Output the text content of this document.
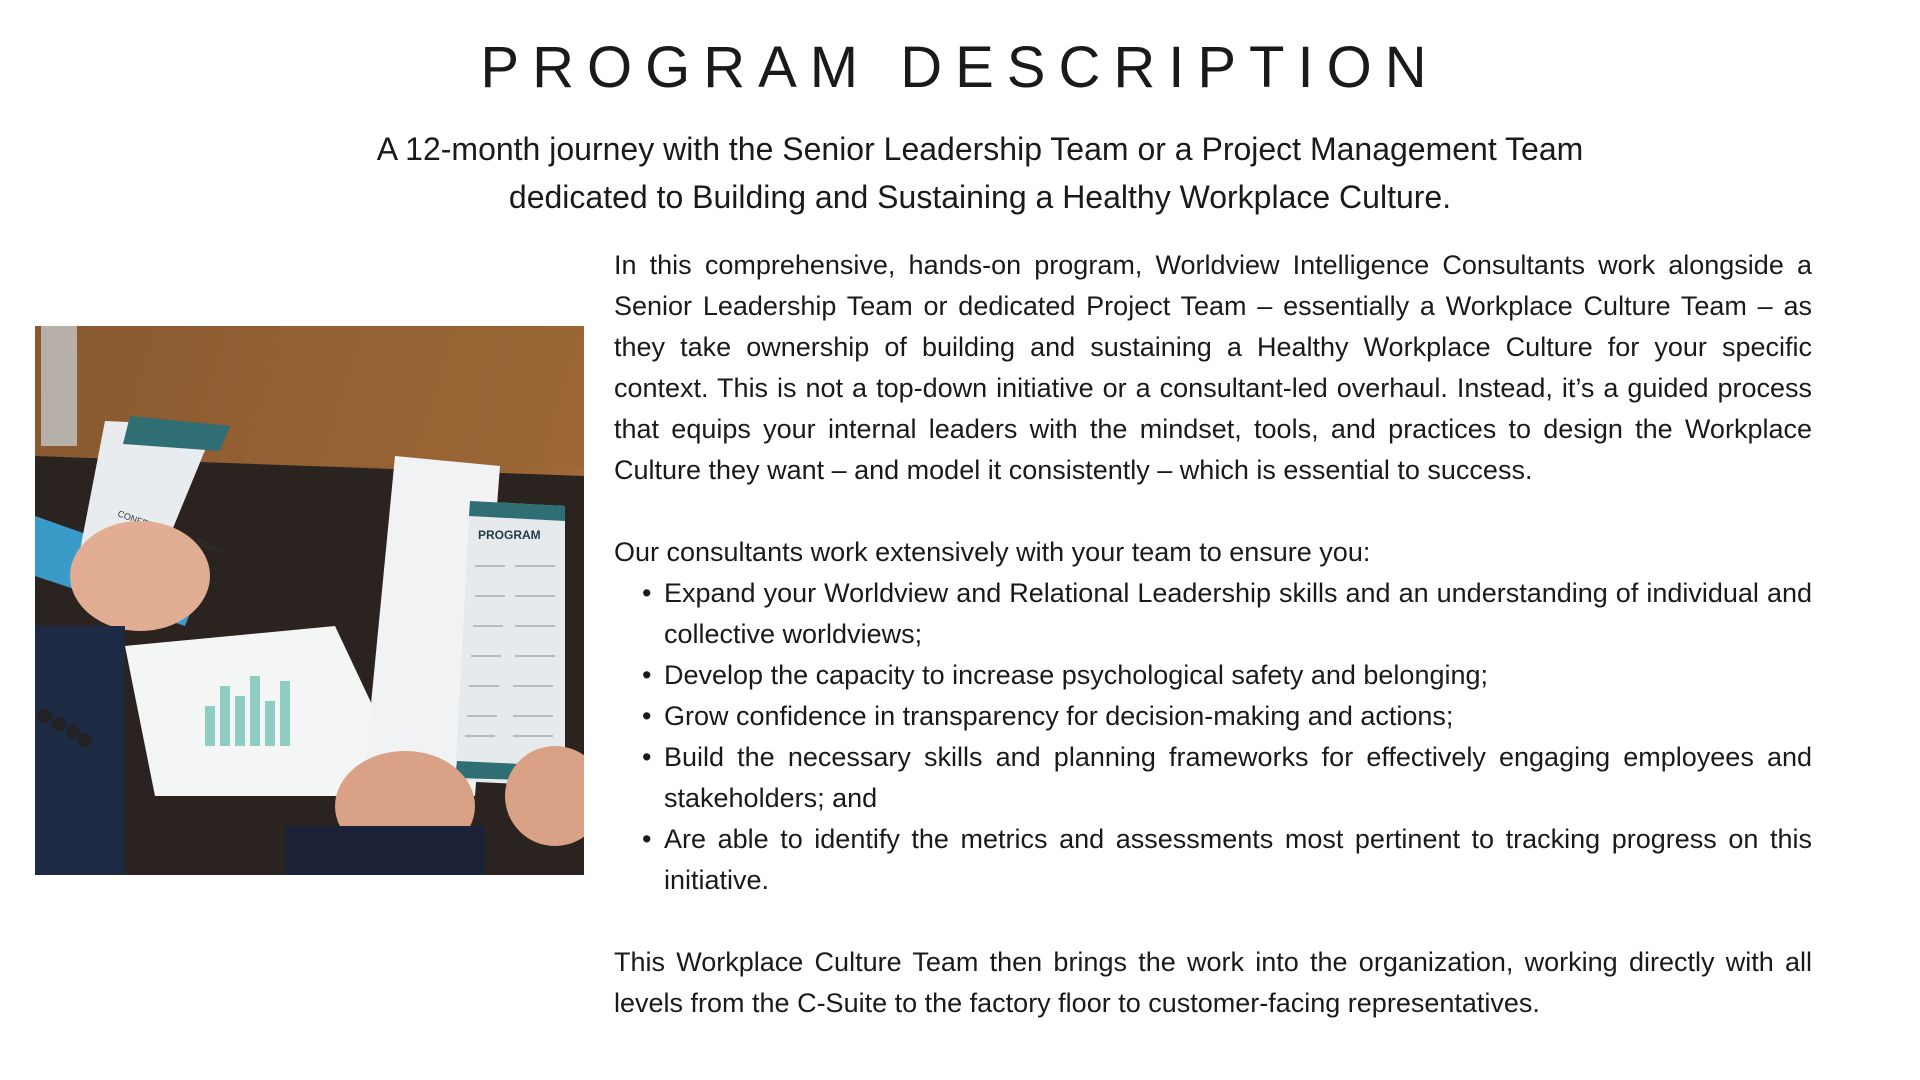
PROGRAM DESCRIPTION
A 12-month journey with the Senior Leadership Team or a Project Management Team
dedicated to Building and Sustaining a Healthy Workplace Culture.
PROGRAM	PROGRAM

In this comprehensive, hands-on program, Worldview Intelligence Consultants work alongside a Senior Leadership Team or dedicated Project Team – essentially a Workplace Culture Team – as they take ownership of building and sustaining a Healthy Workplace Culture for your specific context. This is not a top-down initiative or a consultant-led overhaul. Instead, it’s a guided process that equips your internal leaders with the mindset, tools, and practices to design the Workplace Culture they want – and model it consistently – which is essential to success.

Our consultants work extensively with your team to ensure you:

• Expand your Worldview and Relational Leadership skills and an understanding of individual and collective worldviews;
• Develop the capacity to increase psychological safety and belonging;
• Grow confidence in transparency for decision-making and actions;
• Build the necessary skills and planning frameworks for effectively engaging employees and stakeholders; and
• Are able to identify the metrics and assessments most pertinent to tracking progress on this initiative.

This Workplace Culture Team then brings the work into the organization, working directly with all levels from the C-Suite to the factory floor to customer-facing representatives.
